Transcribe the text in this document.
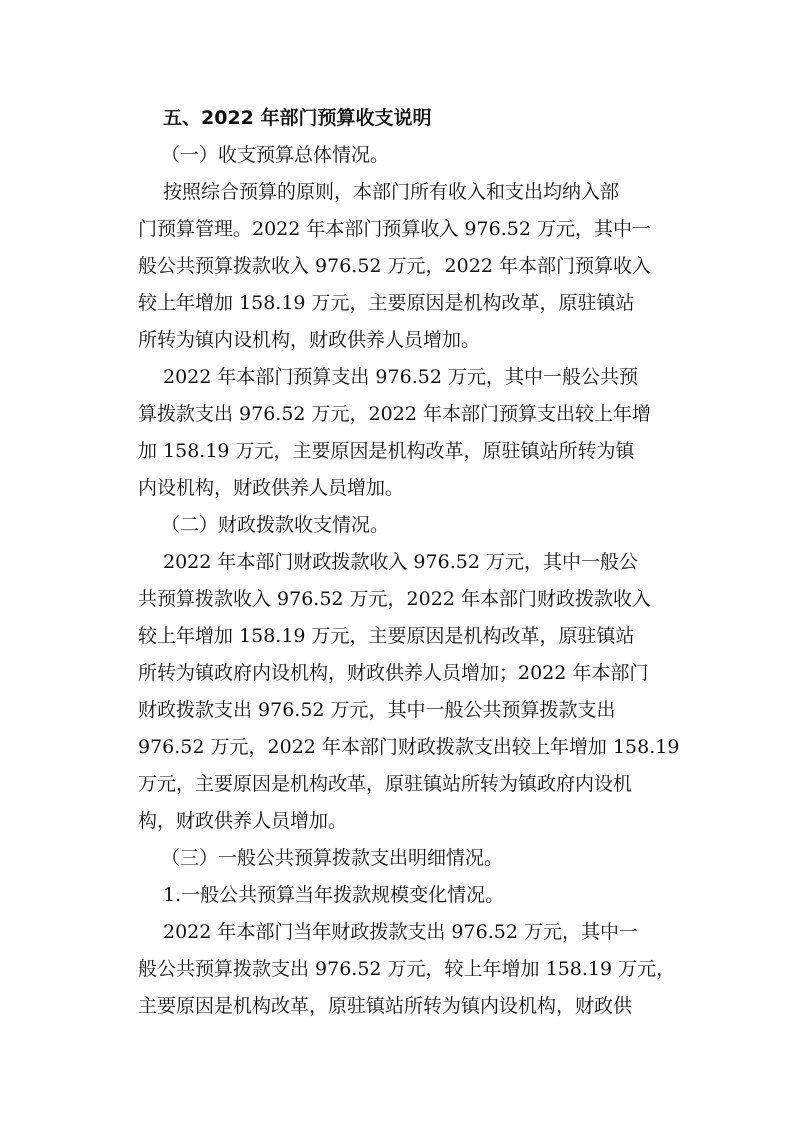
五、2022 年部门预算收支说明
（一）收支预算总体情况。
按照综合预算的原则，本部门所有收入和支出均纳入部
门预算管理。2022 年本部门预算收入 976.52 万元，其中一
般公共预算拨款收入 976.52 万元，2022 年本部门预算收入
较上年增加 158.19 万元，主要原因是机构改革，原驻镇站
所转为镇内设机构，财政供养人员增加。
2022 年本部门预算支出 976.52 万元，其中一般公共预
算拨款支出 976.52 万元，2022 年本部门预算支出较上年增
加 158.19 万元，主要原因是机构改革，原驻镇站所转为镇
内设机构，财政供养人员增加。
（二）财政拨款收支情况。
2022 年本部门财政拨款收入 976.52 万元，其中一般公
共预算拨款收入 976.52 万元，2022 年本部门财政拨款收入
较上年增加 158.19 万元，主要原因是机构改革，原驻镇站
所转为镇政府内设机构，财政供养人员增加；2022 年本部门
财政拨款支出 976.52 万元，其中一般公共预算拨款支出
976.52 万元，2022 年本部门财政拨款支出较上年增加 158.19
万元，主要原因是机构改革，原驻镇站所转为镇政府内设机
构，财政供养人员增加。
（三）一般公共预算拨款支出明细情况。
1.一般公共预算当年拨款规模变化情况。
2022 年本部门当年财政拨款支出 976.52 万元，其中一
般公共预算拨款支出 976.52 万元，较上年增加 158.19 万元，
主要原因是机构改革，原驻镇站所转为镇内设机构，财政供
